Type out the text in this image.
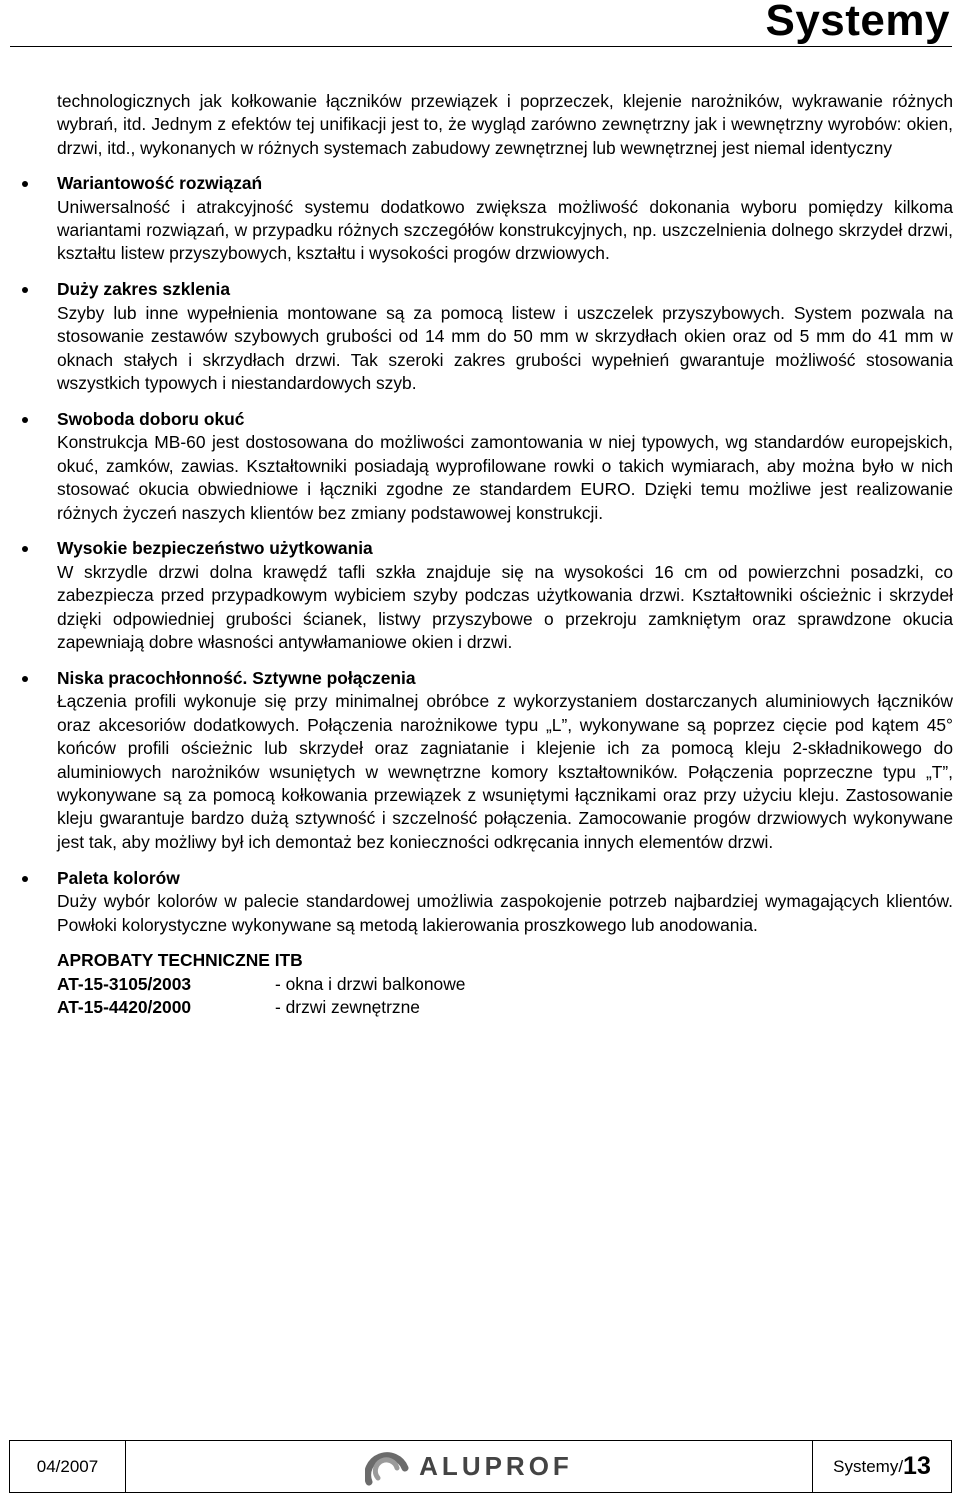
Systemy

technologicznych jak kołkowanie łączników przewiązek i poprzeczek, klejenie narożników, wykrawanie różnych wybrań, itd. Jednym z efektów tej unifikacji jest to, że wygląd zarówno zewnętrzny jak i wewnętrzny wyrobów: okien, drzwi, itd., wykonanych w różnych systemach zabudowy zewnętrznej lub wewnętrznej jest niemal identyczny

Wariantowość rozwiązań

Uniwersalność i atrakcyjność systemu dodatkowo zwiększa możliwość dokonania wyboru pomiędzy kilkoma wariantami rozwiązań, w przypadku różnych szczegółów konstrukcyjnych, np. uszczelnienia dolnego skrzydeł drzwi, kształtu listew przyszybowych, kształtu i wysokości progów drzwiowych.

Duży zakres szklenia

Szyby lub inne wypełnienia montowane są za pomocą listew i uszczelek przyszybowych. System pozwala na stosowanie zestawów szybowych grubości od 14 mm do 50 mm w skrzydłach okien oraz od 5 mm do 41 mm w oknach stałych i skrzydłach drzwi. Tak szeroki zakres grubości wypełnień gwarantuje możliwość stosowania wszystkich typowych i niestandardowych szyb.

Swoboda doboru okuć

Konstrukcja MB-60 jest dostosowana do możliwości zamontowania w niej typowych, wg standardów europejskich, okuć, zamków, zawias. Kształtowniki posiadają wyprofilowane rowki o takich wymiarach, aby można było w nich stosować okucia obwiedniowe i łączniki zgodne ze standardem EURO. Dzięki temu możliwe jest realizowanie różnych życzeń naszych klientów bez zmiany podstawowej konstrukcji.

Wysokie bezpieczeństwo użytkowania

W skrzydle drzwi dolna krawędź tafli szkła znajduje się na wysokości 16 cm od powierzchni posadzki, co zabezpiecza przed przypadkowym wybiciem szyby podczas użytkowania drzwi. Kształtowniki ościeżnic i skrzydeł dzięki odpowiedniej grubości ścianek, listwy przyszybowe o przekroju zamkniętym oraz sprawdzone okucia zapewniają dobre własności antywłamaniowe okien i drzwi.

Niska pracochłonność. Sztywne połączenia

Łączenia profili wykonuje się przy minimalnej obróbce z wykorzystaniem dostarczanych aluminiowych łączników oraz akcesoriów dodatkowych. Połączenia narożnikowe typu „L”, wykonywane są poprzez cięcie pod kątem 45° końców profili ościeżnic lub skrzydeł oraz zagniatanie i klejenie ich za pomocą kleju 2-składnikowego do aluminiowych narożników wsuniętych w wewnętrzne komory kształtowników. Połączenia poprzeczne typu „T”, wykonywane są za pomocą kołkowania przewiązek z wsuniętymi łącznikami oraz przy użyciu kleju. Zastosowanie kleju gwarantuje bardzo dużą sztywność i szczelność połączenia. Zamocowanie progów drzwiowych wykonywane jest tak, aby możliwy był ich demontaż bez konieczności odkręcania innych elementów drzwi.

Paleta kolorów

Duży wybór kolorów w palecie standardowej umożliwia zaspokojenie potrzeb najbardziej wymagających klientów. Powłoki kolorystyczne wykonywane są metodą lakierowania proszkowego lub anodowania.

APROBATY TECHNICZNE ITB
AT-15-3105/2003	- okna i drzwi balkonowe
AT-15-4420/2000	- drzwi zewnętrzne
04/2007	ALUPROF	Systemy/ 13
